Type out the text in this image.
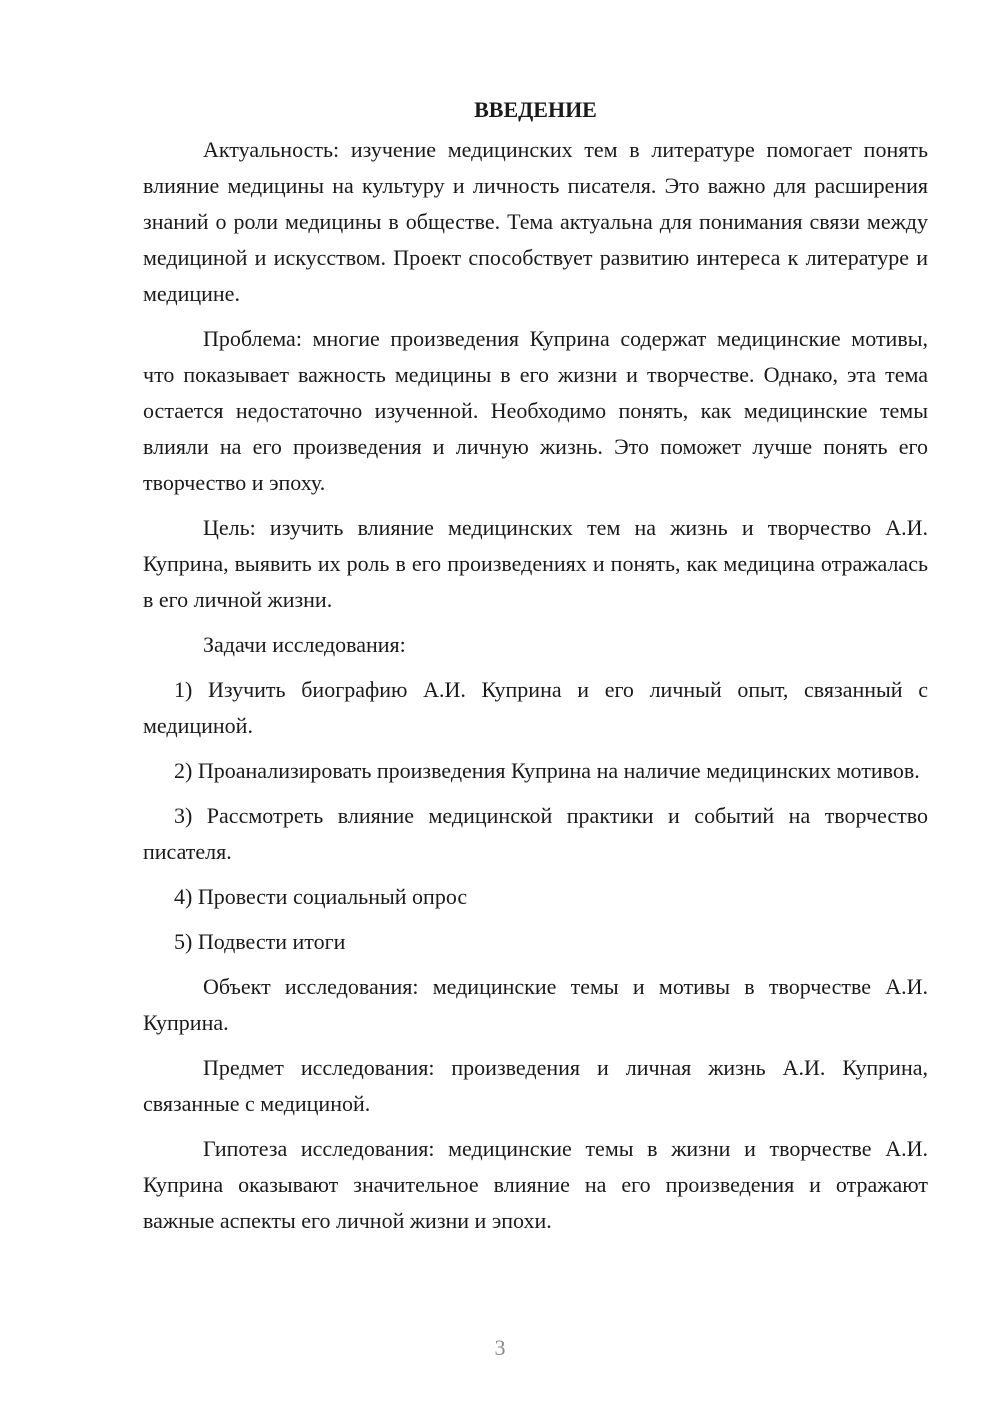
ВВЕДЕНИЕ

Актуальность: изучение медицинских тем в литературе помогает понять влияние медицины на культуру и личность писателя. Это важно для расширения знаний о роли медицины в обществе. Тема актуальна для понимания связи между медициной и искусством. Проект способствует развитию интереса к литературе и медицине.

Проблема: многие произведения Куприна содержат медицинские мотивы, что показывает важность медицины в его жизни и творчестве. Однако, эта тема остается недостаточно изученной. Необходимо понять, как медицинские темы влияли на его произведения и личную жизнь. Это поможет лучше понять его творчество и эпоху.

Цель: изучить влияние медицинских тем на жизнь и творчество А.И. Куприна, выявить их роль в его произведениях и понять, как медицина отражалась в его личной жизни.

Задачи исследования:

1) Изучить биографию А.И. Куприна и его личный опыт, связанный с медициной.

2) Проанализировать произведения Куприна на наличие медицинских мотивов.

3) Рассмотреть влияние медицинской практики и событий на творчество писателя.

4) Провести социальный опрос

5) Подвести итоги

Объект исследования: медицинские темы и мотивы в творчестве А.И. Куприна.

Предмет исследования: произведения и личная жизнь А.И. Куприна, связанные с медициной.

Гипотеза исследования: медицинские темы в жизни и творчестве А.И. Куприна оказывают значительное влияние на его произведения и отражают важные аспекты его личной жизни и эпохи.

3
